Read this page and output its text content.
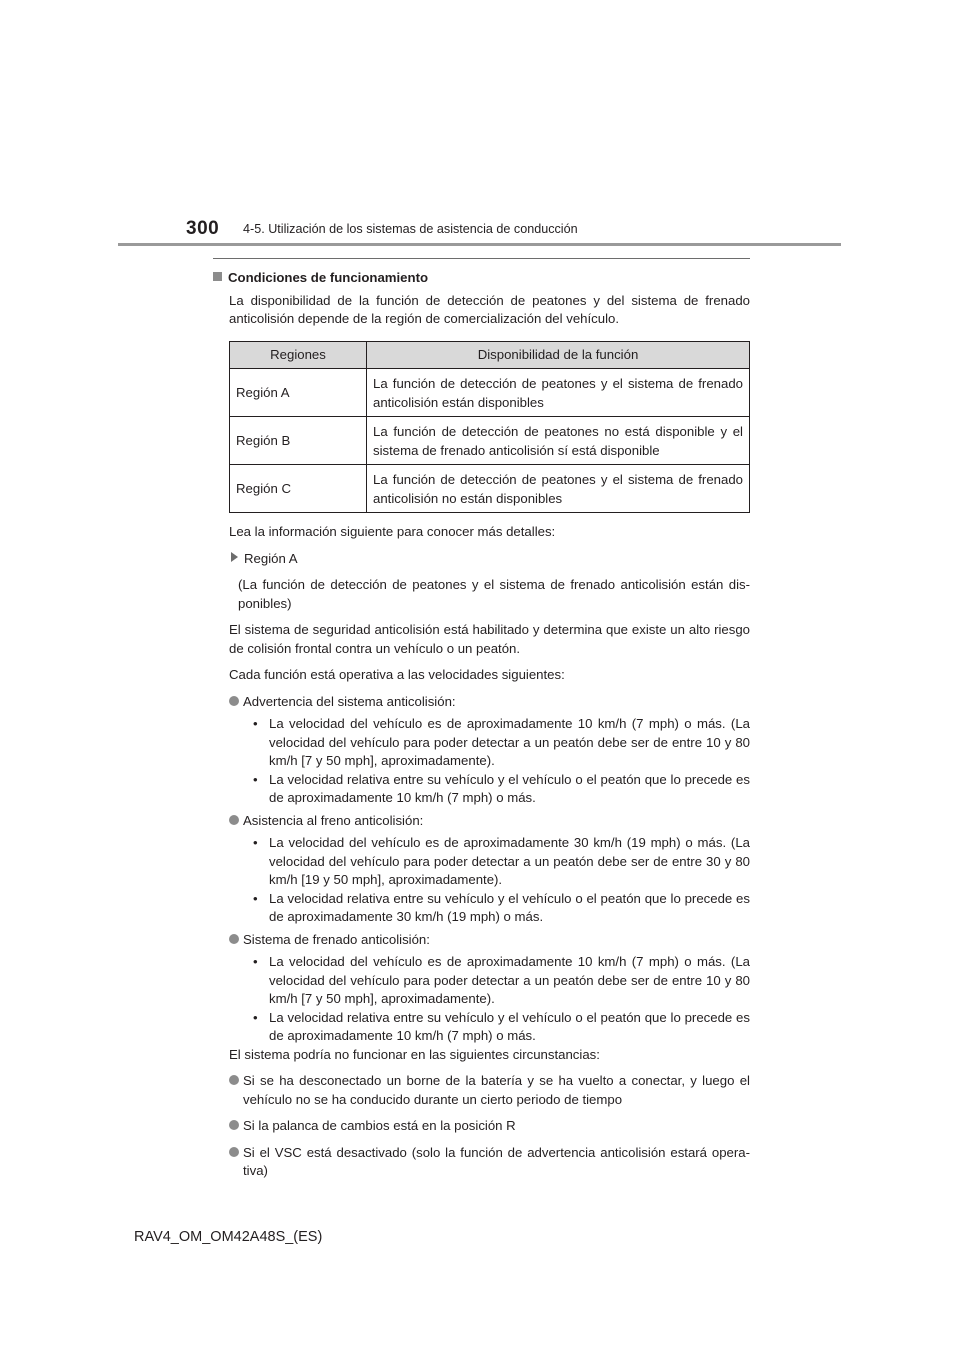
300 4-5. Utilización de los sistemas de asistencia de conducción
Condiciones de funcionamiento

La disponibilidad de la función de detección de peatones y del sistema de frenado anticolisión depende de la región de comercialización del vehículo.

Regiones	Disponibilidad de la función
Región A	La función de detección de peatones y el sistema de frenado anticolisión están disponibles
Región B	La función de detección de peatones no está disponible y el sistema de frenado anticolisión sí está disponible
Región C	La función de detección de peatones y el sistema de frenado anticolisión no están disponibles

Lea la información siguiente para conocer más detalles:

Región A

(La función de detección de peatones y el sistema de frenado anticolisión están dis-ponibles)

El sistema de seguridad anticolisión está habilitado y determina que existe un alto riesgo de colisión frontal contra un vehículo o un peatón.

Cada función está operativa a las velocidades siguientes:

Advertencia del sistema anticolisión:
• La velocidad del vehículo es de aproximadamente 10 km/h (7 mph) o más. (La velocidad del vehículo para poder detectar a un peatón debe ser de entre 10 y 80 km/h [7 y 50 mph], aproximadamente).
• La velocidad relativa entre su vehículo y el vehículo o el peatón que lo precede es de aproximadamente 10 km/h (7 mph) o más.
Asistencia al freno anticolisión:
• La velocidad del vehículo es de aproximadamente 30 km/h (19 mph) o más. (La velocidad del vehículo para poder detectar a un peatón debe ser de entre 30 y 80 km/h [19 y 50 mph], aproximadamente).
• La velocidad relativa entre su vehículo y el vehículo o el peatón que lo precede es de aproximadamente 30 km/h (19 mph) o más.
Sistema de frenado anticolisión:
• La velocidad del vehículo es de aproximadamente 10 km/h (7 mph) o más. (La velocidad del vehículo para poder detectar a un peatón debe ser de entre 10 y 80 km/h [7 y 50 mph], aproximadamente).
• La velocidad relativa entre su vehículo y el vehículo o el peatón que lo precede es de aproximadamente 10 km/h (7 mph) o más.

El sistema podría no funcionar en las siguientes circunstancias:

Si se ha desconectado un borne de la batería y se ha vuelto a conectar, y luego el vehículo no se ha conducido durante un cierto periodo de tiempo
Si la palanca de cambios está en la posición R
Si el VSC está desactivado (solo la función de advertencia anticolisión estará opera-tiva)
RAV4_OM_OM42A48S_(ES)
